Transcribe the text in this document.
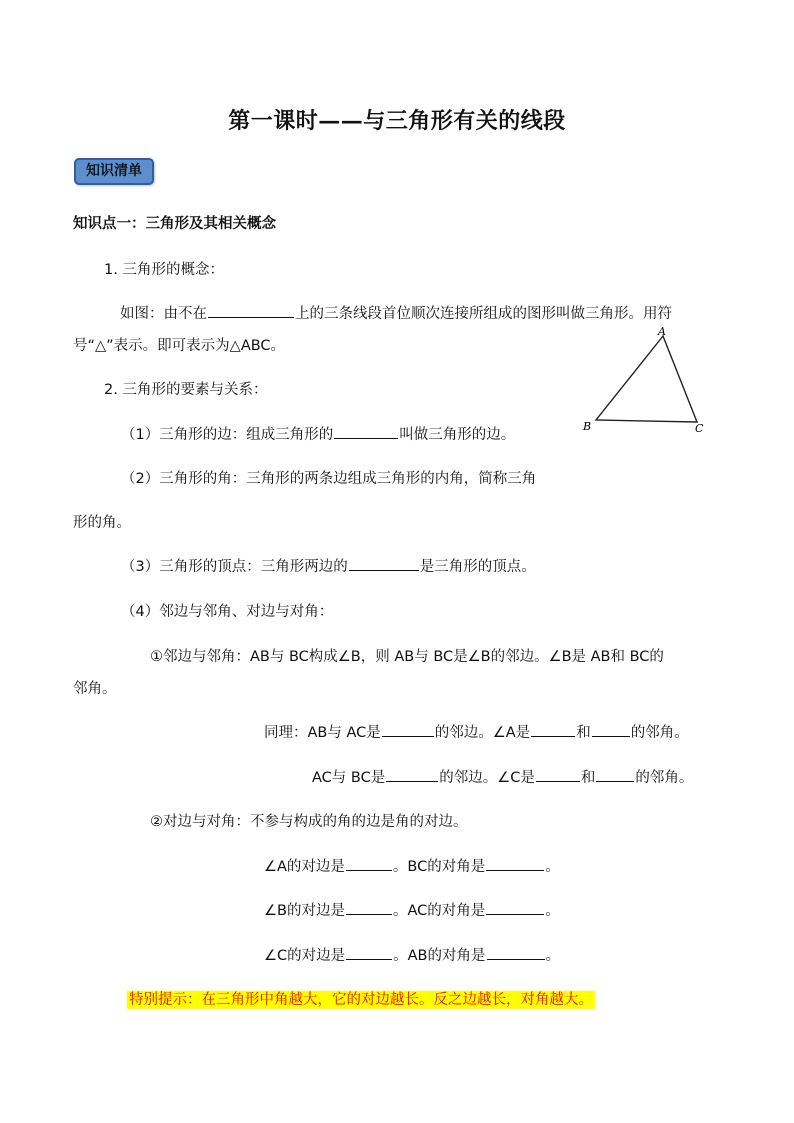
第一课时——与三角形有关的线段
知识清单
知识点一：三角形及其相关概念
1. 三角形的概念：
如图：由不在	上的三条线段首位顺次连接所组成的图形叫做三角形。用符
号“△”表示。即可表示为△ABC。
2. 三角形的要素与关系：
（1）三角形的边：组成三角形的	叫做三角形的边。
（2）三角形的角：三角形的两条边组成三角形的内角，简称三角
形的角。
（3）三角形的顶点：三角形两边的	是三角形的顶点。
（4）邻边与邻角、对边与对角：
①邻边与邻角：AB与 BC构成∠B，则 AB与 BC是∠B的邻边。∠B是 AB和 BC的
邻角。
同理：AB与 AC是	的邻边。∠A是	和	的邻角。
AC与 BC是	的邻边。∠C是	和	的邻角。
②对边与对角：不参与构成的角的边是角的对边。
∠A的对边是	。BC的对角是	。
∠B的对边是	。AC的对角是	。
∠C的对边是	。AB的对角是	。
特别提示：在三角形中角越大，它的对边越长。反之边越长，对角越大。
A
B	C
